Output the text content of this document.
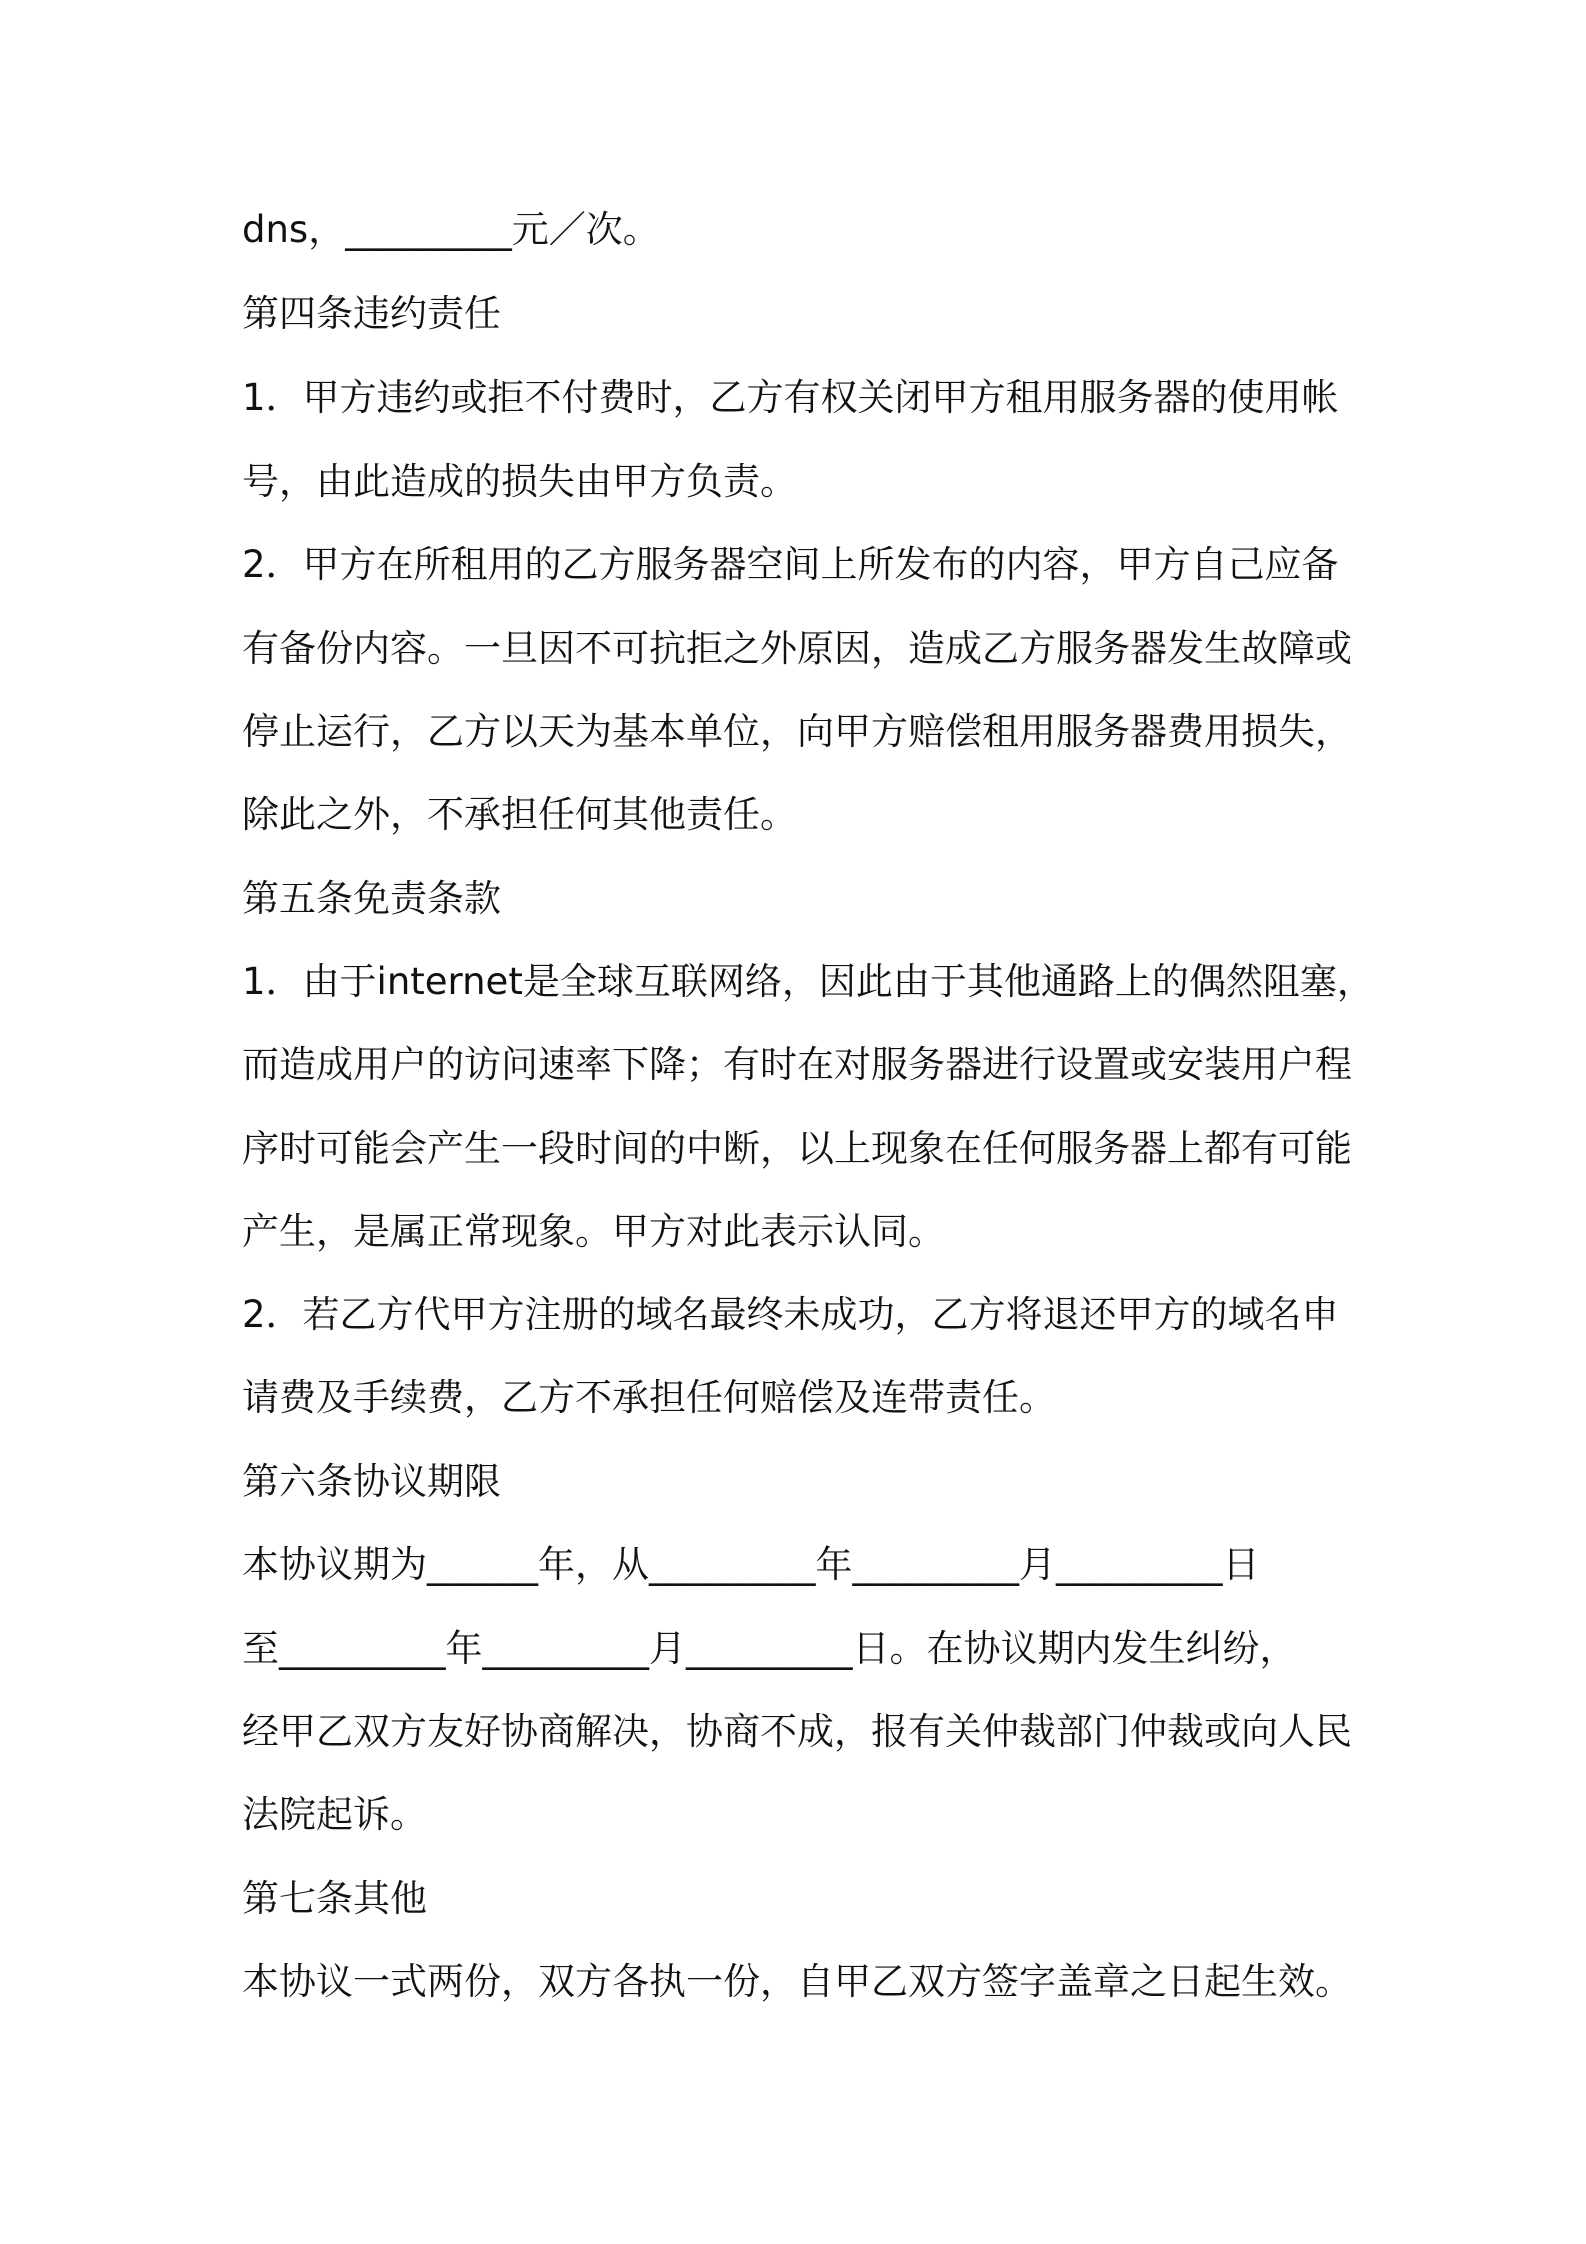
dns，_________元／次。

第四条违约责任

1．甲方违约或拒不付费时，乙方有权关闭甲方租用服务器的使用帐

号，由此造成的损失由甲方负责。

2．甲方在所租用的乙方服务器空间上所发布的内容，甲方自己应备

有备份内容。一旦因不可抗拒之外原因，造成乙方服务器发生故障或

停止运行，乙方以天为基本单位，向甲方赔偿租用服务器费用损失，

除此之外，不承担任何其他责任。

第五条免责条款

1．由于internet是全球互联网络，因此由于其他通路上的偶然阻塞，

而造成用户的访问速率下降；有时在对服务器进行设置或安装用户程

序时可能会产生一段时间的中断，以上现象在任何服务器上都有可能

产生，是属正常现象。甲方对此表示认同。

2．若乙方代甲方注册的域名最终未成功，乙方将退还甲方的域名申

请费及手续费，乙方不承担任何赔偿及连带责任。

第六条协议期限

本协议期为______年，从_________年_________月_________日

至_________年_________月_________日。在协议期内发生纠纷，

经甲乙双方友好协商解决，协商不成，报有关仲裁部门仲裁或向人民

法院起诉。

第七条其他

本协议一式两份，双方各执一份，自甲乙双方签字盖章之日起生效。
